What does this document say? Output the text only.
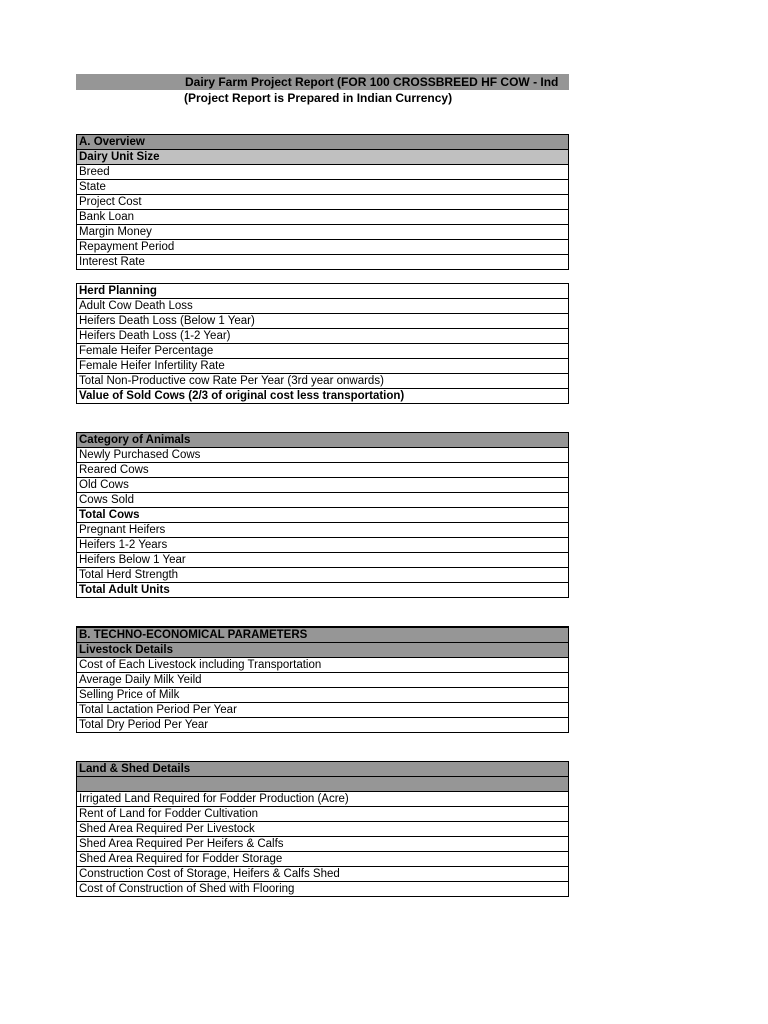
Dairy Farm Project Report (FOR 100 CROSSBREED HF COW - Ind
(Project Report is Prepared in Indian Currency)
A. Overview
Dairy Unit Size
Breed
State
Project Cost
Bank Loan
Margin Money
Repayment Period
Interest Rate
Herd Planning
Adult Cow Death Loss
Heifers Death Loss (Below 1 Year)
Heifers Death Loss (1-2 Year)
Female Heifer Percentage
Female Heifer Infertility Rate
Total Non-Productive cow Rate Per Year (3rd year onwards)
Value of Sold Cows (2/3 of original cost less transportation)
Category of Animals
Newly Purchased Cows
Reared Cows
Old Cows
Cows Sold
Total Cows
Pregnant Heifers
Heifers 1-2 Years
Heifers Below 1 Year
Total Herd Strength
Total Adult Units
B. TECHNO-ECONOMICAL PARAMETERS
Livestock Details
Cost of Each Livestock including Transportation
Average Daily Milk Yeild
Selling Price of Milk
Total Lactation Period Per Year
Total Dry Period Per Year
Land & Shed Details

Irrigated Land Required for Fodder Production (Acre)
Rent of Land for Fodder Cultivation
Shed Area Required Per Livestock
Shed Area Required Per Heifers & Calfs
Shed Area Required for Fodder Storage
Construction Cost of Storage, Heifers & Calfs Shed
Cost of Construction of Shed with Flooring
